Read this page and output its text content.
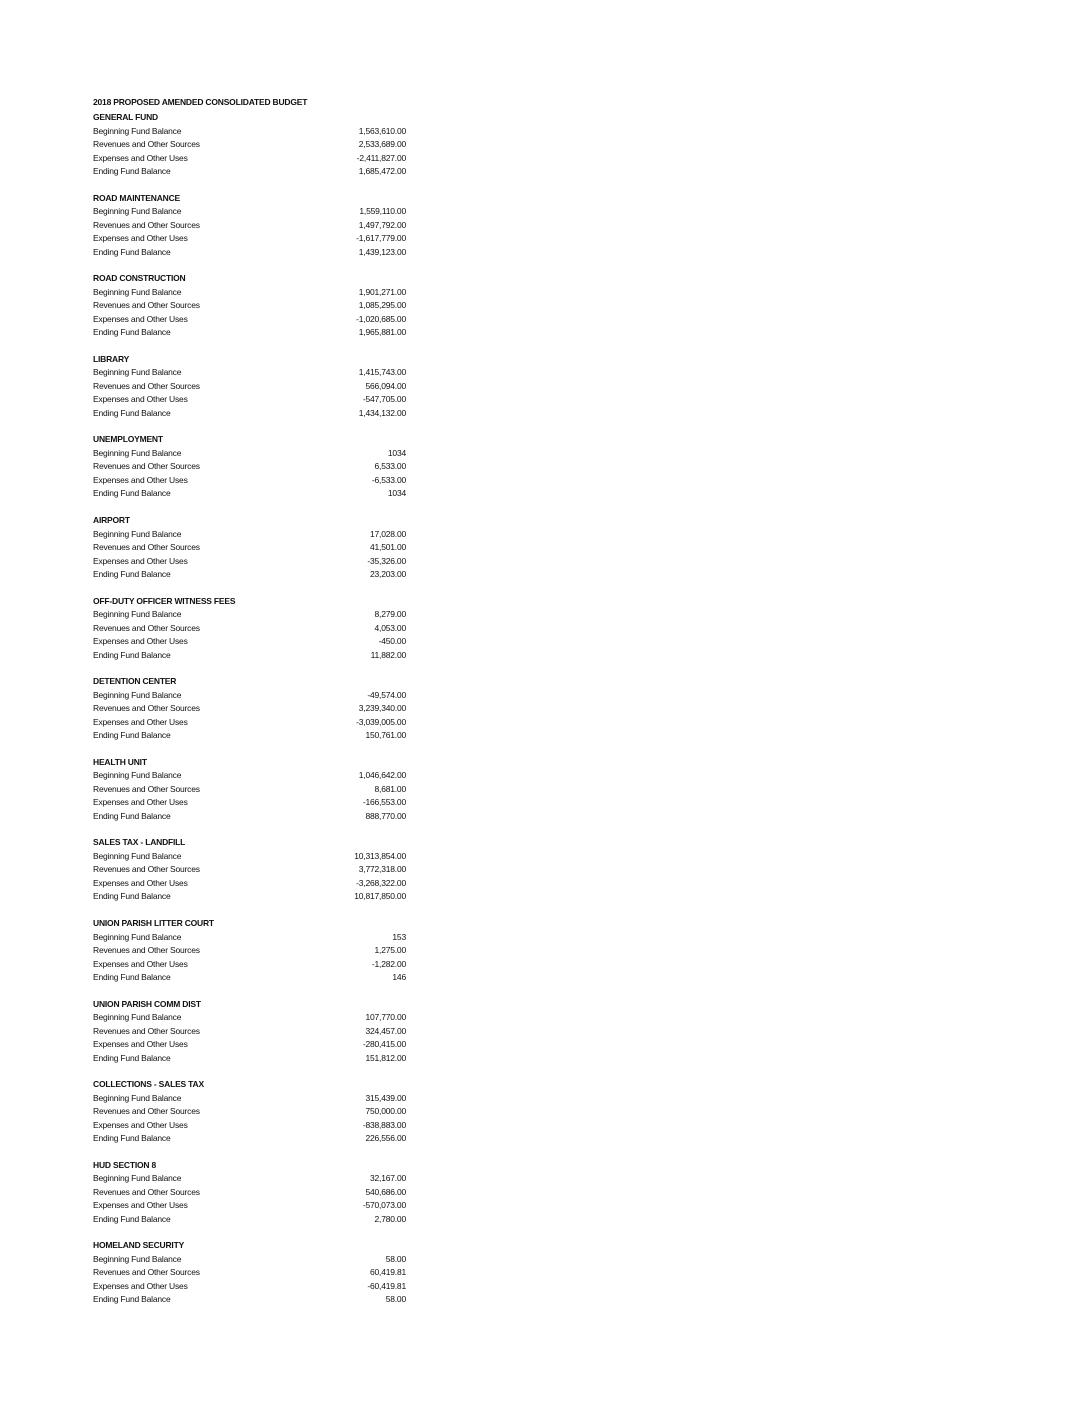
2018 PROPOSED AMENDED CONSOLIDATED BUDGET
GENERAL FUND
Beginning Fund Balance	1,563,610.00
Revenues and Other Sources	2,533,689.00
Expenses and Other Uses	-2,411,827.00
Ending Fund Balance	1,685,472.00
ROAD MAINTENANCE
Beginning Fund Balance	1,559,110.00
Revenues and Other Sources	1,497,792.00
Expenses and Other Uses	-1,617,779.00
Ending Fund Balance	1,439,123.00
ROAD CONSTRUCTION
Beginning Fund Balance	1,901,271.00
Revenues and Other Sources	1,085,295.00
Expenses and Other Uses	-1,020,685.00
Ending Fund Balance	1,965,881.00
LIBRARY
Beginning Fund Balance	1,415,743.00
Revenues and Other Sources	566,094.00
Expenses and Other Uses	-547,705.00
Ending Fund Balance	1,434,132.00
UNEMPLOYMENT
Beginning Fund Balance	1034
Revenues and Other Sources	6,533.00
Expenses and Other Uses	-6,533.00
Ending Fund Balance	1034
AIRPORT
Beginning Fund Balance	17,028.00
Revenues and Other Sources	41,501.00
Expenses and Other Uses	-35,326.00
Ending Fund Balance	23,203.00
OFF-DUTY OFFICER WITNESS FEES
Beginning Fund Balance	8,279.00
Revenues and Other Sources	4,053.00
Expenses and Other Uses	-450.00
Ending Fund Balance	11,882.00
DETENTION CENTER
Beginning Fund Balance	-49,574.00
Revenues and Other Sources	3,239,340.00
Expenses and Other Uses	-3,039,005.00
Ending Fund Balance	150,761.00
HEALTH UNIT
Beginning Fund Balance	1,046,642.00
Revenues and Other Sources	8,681.00
Expenses and Other Uses	-166,553.00
Ending Fund Balance	888,770.00
SALES TAX - LANDFILL
Beginning Fund Balance	10,313,854.00
Revenues and Other Sources	3,772,318.00
Expenses and Other Uses	-3,268,322.00
Ending Fund Balance	10,817,850.00
UNION PARISH LITTER COURT
Beginning Fund Balance	153
Revenues and Other Sources	1,275.00
Expenses and Other Uses	-1,282.00
Ending Fund Balance	146
UNION PARISH COMM DIST
Beginning Fund Balance	107,770.00
Revenues and Other Sources	324,457.00
Expenses and Other Uses	-280,415.00
Ending Fund Balance	151,812.00
COLLECTIONS - SALES TAX
Beginning Fund Balance	315,439.00
Revenues and Other Sources	750,000.00
Expenses and Other Uses	-838,883.00
Ending Fund Balance	226,556.00
HUD SECTION 8
Beginning Fund Balance	32,167.00
Revenues and Other Sources	540,686.00
Expenses and Other Uses	-570,073.00
Ending Fund Balance	2,780.00
HOMELAND SECURITY
Beginning Fund Balance	58.00
Revenues and Other Sources	60,419.81
Expenses and Other Uses	-60,419.81
Ending Fund Balance	58.00
